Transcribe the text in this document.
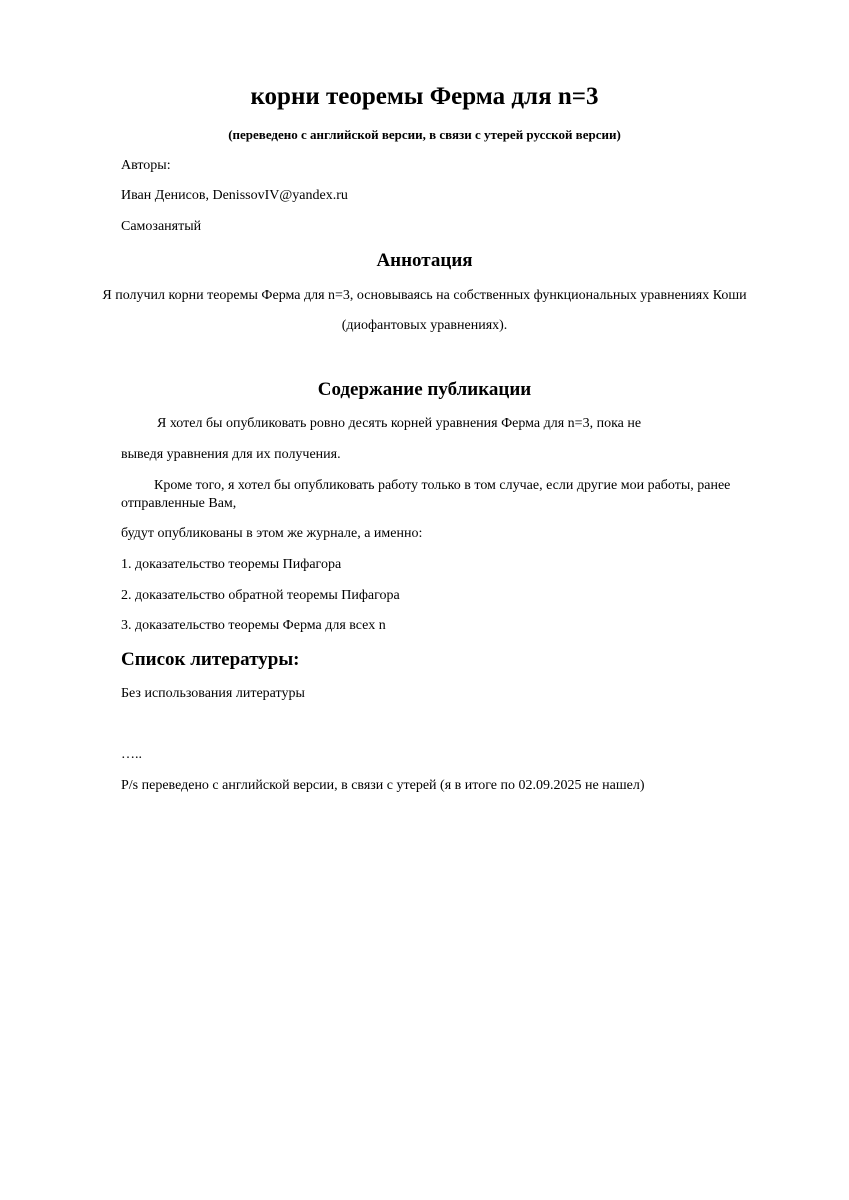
корни теоремы Ферма для n=3

(переведено с английской версии, в связи с утерей русской версии)

Авторы:

Иван Денисов, DenissovIV@yandex.ru

Самозанятый

Аннотация

Я получил корни теоремы Ферма для n=3, основываясь на собственных функциональных уравнениях Коши

(диофантовых уравнениях).

Содержание публикации

Я хотел бы опубликовать ровно десять корней уравнения Ферма для n=3, пока не

выведя уравнения для их получения.

Кроме того, я хотел бы опубликовать работу только в том случае, если другие мои работы, ранее

отправленные Вам,

будут опубликованы в этом же журнале, а именно:

1. доказательство теоремы Пифагора

2. доказательство обратной теоремы Пифагора

3. доказательство теоремы Ферма для всех n

Список литературы:

Без использования литературы

…..

P/s переведено с английской версии, в связи с утерей (я в итоге по 02.09.2025 не нашел)
